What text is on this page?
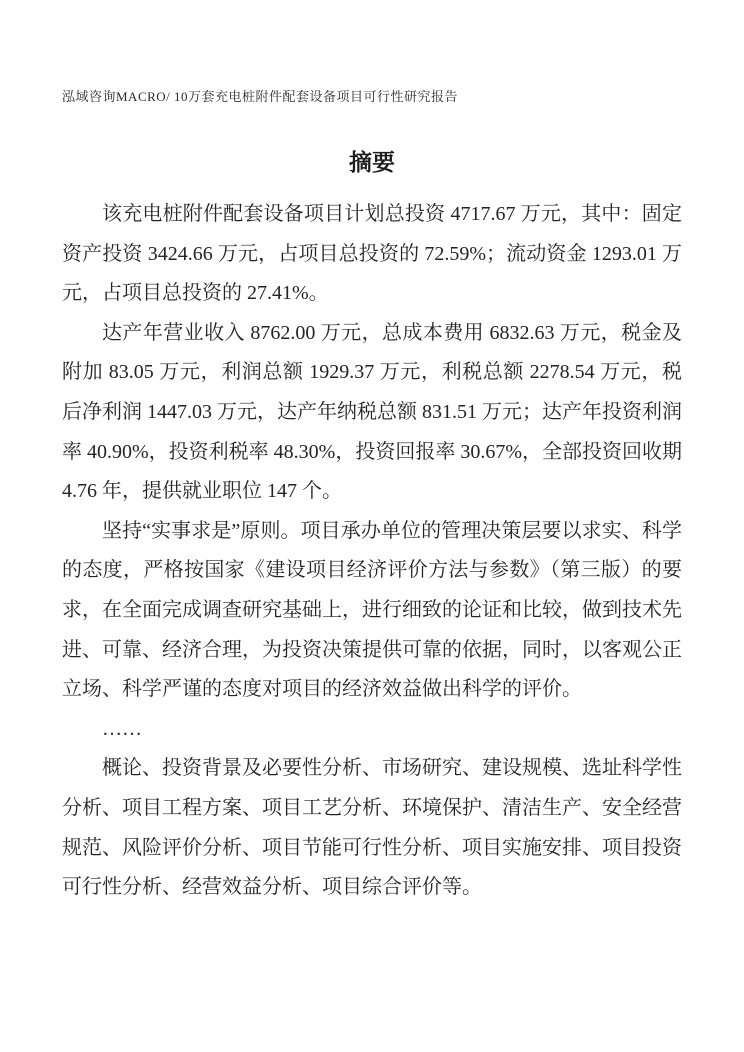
泓域咨询MACRO/ 10万套充电桩附件配套设备项目可行性研究报告
摘要

该充电桩附件配套设备项目计划总投资 4717.67 万元，其中：固定资产投资 3424.66 万元，占项目总投资的 72.59%；流动资金 1293.01 万元，占项目总投资的 27.41%。

达产年营业收入 8762.00 万元，总成本费用 6832.63 万元，税金及附加 83.05 万元，利润总额 1929.37 万元，利税总额 2278.54 万元，税后净利润 1447.03 万元，达产年纳税总额 831.51 万元；达产年投资利润率 40.90%，投资利税率 48.30%，投资回报率 30.67%，全部投资回收期 4.76 年，提供就业职位 147 个。

坚持“实事求是”原则。项目承办单位的管理决策层要以求实、科学的态度，严格按国家《建设项目经济评价方法与参数》（第三版）的要求，在全面完成调查研究基础上，进行细致的论证和比较，做到技术先进、可靠、经济合理，为投资决策提供可靠的依据，同时，以客观公正立场、科学严谨的态度对项目的经济效益做出科学的评价。

……

概论、投资背景及必要性分析、市场研究、建设规模、选址科学性分析、项目工程方案、项目工艺分析、环境保护、清洁生产、安全经营规范、风险评价分析、项目节能可行性分析、项目实施安排、项目投资可行性分析、经营效益分析、项目综合评价等。
